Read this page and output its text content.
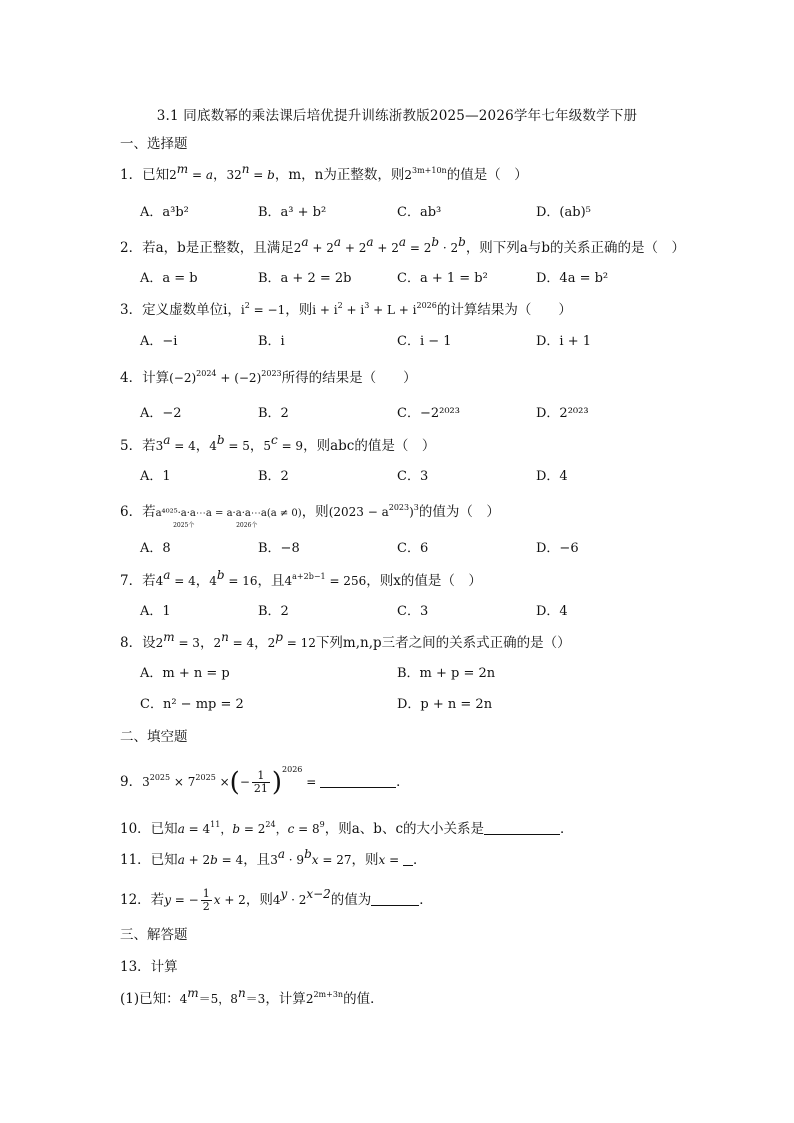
3.1 同底数幂的乘法课后培优提升训练浙教版2025—2026学年七年级数学下册
一、选择题
1．已知$2^m = a$，$32^n = b$，m，n为正整数，则$2^{3m+10n}$的值是（　）
A．a³b²	B．a³ + b²	C．ab³	D．(ab)⁵
2．若a，b是正整数，且满足$2^a + 2^a + 2^a + 2^a = 2^b \cdot 2^b$，则下列a与b的关系正确的是（　）
A．a = b	B．a + 2 = 2b	C．a + 1 = b²	D．4a = b²
3．定义虚数单位i，$i^2 = -1$，则$i + i^2 + i^3 + L + i^{2026}$的计算结果为（　　）
A．−i	B．i	C．i − 1	D．i + 1
4．计算$(-2)^{2024} + (-2)^{2023}$所得的结果是（　　）
A．−2	B．2	C．−2²⁰²³	D．2²⁰²³
5．若$3^a = 4$，$4^b = 5$，$5^c = 9$，则abc的值是（　）
A．1	B．2	C．3	D．4
6．若a⁴⁰²⁵·a·a⋯a
2025个
= a·a·a⋯a
2026个
(a ≠ 0)，则$(2023 - a^{2023})^3$的值为（　）
A．8	B．−8	C．6	D．−6
7．若$4^a = 4$，$4^b = 16$，且$4^{a+2b-1} = 256$，则x的值是（　）
A．1	B．2	C．3	D．4
8．设$2^m = 3$，$2^n = 4$，$2^p = 12$下列m,n,p三者之间的关系式正确的是（）
A．m + n = p	B．m + p = 2n
C．n² − mp = 2	D．p + n = 2n
二、填空题
9．$3^{2025} \times 7^{2025}$ ×(− $\frac{1}{21} )^{2026}$ =	．
10．已知$a = 4^{11}$，$b = 2^{24}$，$c = 8^9$，则a、b、c的大小关系是	．
11．已知a + 2b = 4，且$3^a \cdot 9^bx = 27$，则x = ．
12．若y = − $\frac{1}{2}$ x + 2，则$4^y \cdot 2^{x-2}$的值为	．
三、解答题
13．计算
(1)已知：$4^m=5$，$8^n=3$，计算$2^{2m+3n}$的值．
